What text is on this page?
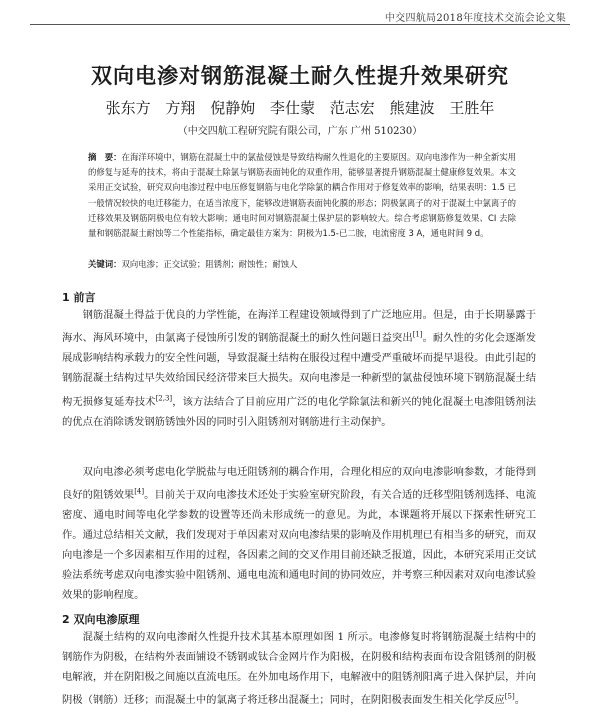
中交四航局2018年度技术交流会论文集
双向电渗对钢筋混凝土耐久性提升效果研究
张东方 方翔 倪静姁 李仕蒙 范志宏 熊建波 王胜年
（中交四航工程研究院有限公司，广东 广州 510230）
摘　要：在海洋环境中，钢筋在混凝土中的氯盐侵蚀是导致结构耐久性退化的主要原因。双向电渗作为一种全新实用的修复与延寿的技术，将由于混凝土除氯与钢筋表面钝化的双重作用，能够显著提升钢筋混凝土健康修复效果。本文采用正交试验，研究双向电渗过程中电压修复钢筋与电化学除氯的耦合作用对于修复效率的影响，结果表明：1.5 已一般情况较快的电迁移能力，在适当浓度下，能够改进钢筋表面钝化膜的形态；阴极氯离子的对于混凝土中氯离子的迁移效果及钢筋阴极电位有较大影响；通电时间对钢筋混凝土保护层的影响较大。综合考虑钢筋修复效果、CI 去除量和钢筋混凝土耐蚀等二个性能指标，确定最佳方案为：阴极为1.5-已二胺，电流密度 3 A，通电时间 9 d。
关键词：双向电渗；正交试验；阻锈剂；耐蚀性；耐蚀人
1 前言
钢筋混凝土得益于优良的力学性能，在海洋工程建设领域得到了广泛地应用。但是，由于长期暴露于海水、海风环境中，由氯离子侵蚀所引发的钢筋混凝土的耐久性问题日益突出[1]。耐久性的劣化会逐渐发展成影响结构承载力的安全性问题，导致混凝土结构在服役过程中遭受严重破坏而提早退役。由此引起的钢筋混凝土结构过早失效给国民经济带来巨大损失。双向电渗是一种新型的氯盐侵蚀环境下钢筋混凝土结构无损修复延寿技术[2,3]，该方法结合了目前应用广泛的电化学除氯法和新兴的钝化混凝土电渗阻锈剂法的优点在消除诱发钢筋锈蚀外因的同时引入阻锈剂对钢筋进行主动保护。
双向电渗必须考虑电化学脱盐与电迁阻锈剂的耦合作用，合理化相应的双向电渗影响参数，才能得到良好的阻锈效果[4]。目前关于双向电渗技术还处于实验室研究阶段，有关合适的迁移型阻锈剂选择、电流密度、通电时间等电化学参数的设置等还尚未形成统一的意见。为此，本课题将开展以下探索性研究工作。通过总结相关文献，我们发现对于单因素对双向电渗结果的影响及作用机理已有相当多的研究，而双向电渗是一个多因素相互作用的过程，各因素之间的交叉作用目前还缺乏报道，因此，本研究采用正交试验法系统考虑双向电渗实验中阻锈剂、通电电流和通电时间的协同效应，并考察三种因素对双向电渗试验效果的影响程度。
2 双向电渗原理
混凝土结构的双向电渗耐久性提升技术其基本原理如图 1 所示。电渗修复时将钢筋混凝土结构中的钢筋作为阴极，在结构外表面铺设不锈钢或钛合金网片作为阳极，在阴极和结构表面布设含阻锈剂的阴极电解液，并在阴阳极之间施以直流电压。在外加电场作用下，电解液中的阻锈剂阳离子进入保护层，并向阴极（钢筋）迁移；而混凝土中的氯离子将迁移出混凝土；同时，在阴阳极表面发生相关化学反应[5]。
